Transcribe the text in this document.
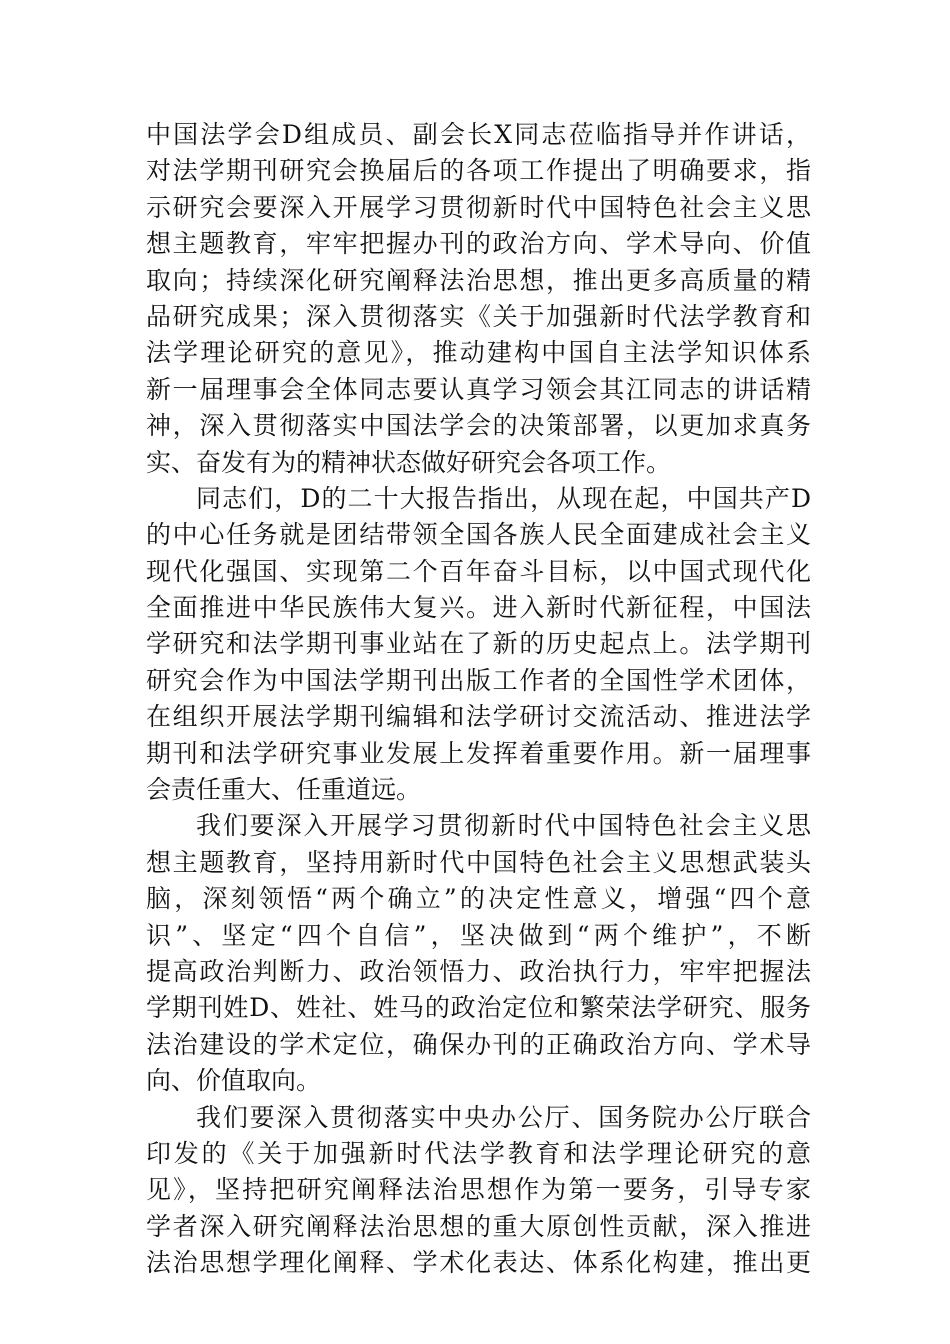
中国法学会D组成员、副会长X同志莅临指导并作讲话，
对法学期刊研究会换届后的各项工作提出了明确要求，指
示研究会要深入开展学习贯彻新时代中国特色社会主义思
想主题教育，牢牢把握办刊的政治方向、学术导向、价值
取向；持续深化研究阐释法治思想，推出更多高质量的精
品研究成果；深入贯彻落实《关于加强新时代法学教育和
法学理论研究的意见》，推动建构中国自主法学知识体系
新一届理事会全体同志要认真学习领会其江同志的讲话精
神，深入贯彻落实中国法学会的决策部署，以更加求真务
实、奋发有为的精神状态做好研究会各项工作。
同志们，D的二十大报告指出，从现在起，中国共产D
的中心任务就是团结带领全国各族人民全面建成社会主义
现代化强国、实现第二个百年奋斗目标，以中国式现代化
全面推进中华民族伟大复兴。进入新时代新征程，中国法
学研究和法学期刊事业站在了新的历史起点上。法学期刊
研究会作为中国法学期刊出版工作者的全国性学术团体，
在组织开展法学期刊编辑和法学研讨交流活动、推进法学
期刊和法学研究事业发展上发挥着重要作用。新一届理事
会责任重大、任重道远。
我们要深入开展学习贯彻新时代中国特色社会主义思
想主题教育，坚持用新时代中国特色社会主义思想武装头
脑，深刻领悟“两个确立”的决定性意义，增强“四个意
识”、坚定“四个自信”，坚决做到“两个维护”，不断
提高政治判断力、政治领悟力、政治执行力，牢牢把握法
学期刊姓D、姓社、姓马的政治定位和繁荣法学研究、服务
法治建设的学术定位，确保办刊的正确政治方向、学术导
向、价值取向。
我们要深入贯彻落实中央办公厅、国务院办公厅联合
印发的《关于加强新时代法学教育和法学理论研究的意
见》，坚持把研究阐释法治思想作为第一要务，引导专家
学者深入研究阐释法治思想的重大原创性贡献，深入推进
法治思想学理化阐释、学术化表达、体系化构建，推出更
